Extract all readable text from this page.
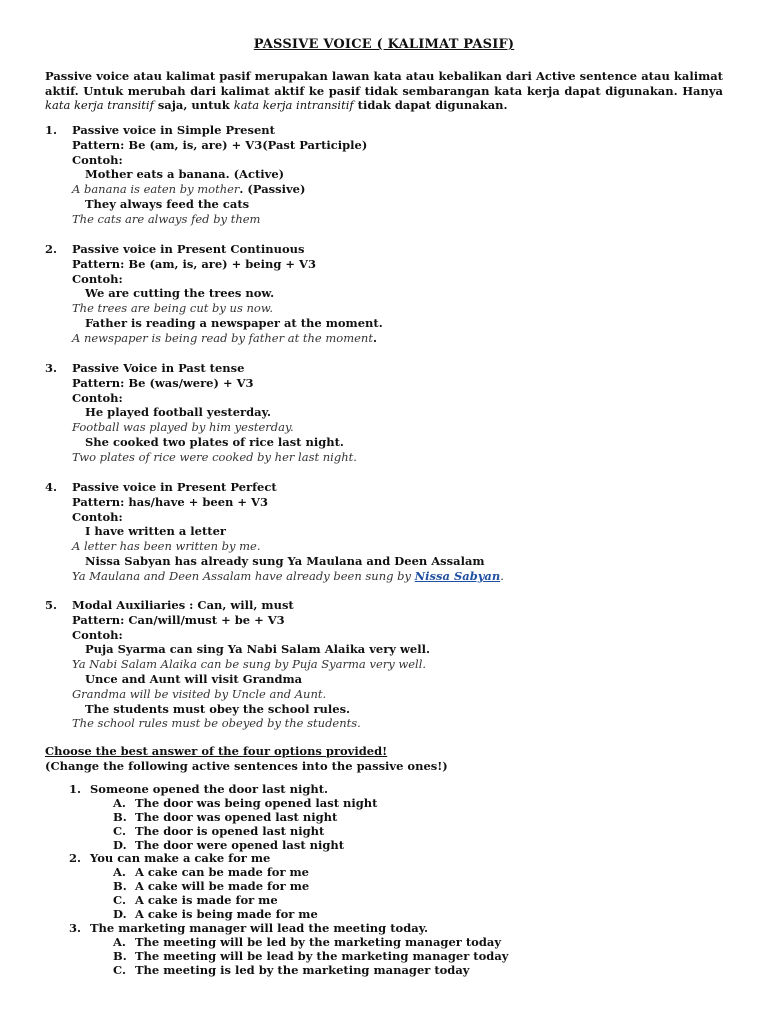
PASSIVE VOICE ( KALIMAT PASIF)
Passive voice atau kalimat pasif merupakan lawan kata atau kebalikan dari Active sentence atau kalimat aktif. Untuk merubah dari kalimat aktif ke pasif tidak sembarangan kata kerja dapat digunakan. Hanya kata kerja transitif saja, untuk kata kerja intransitif tidak dapat digunakan.
1. Passive voice in Simple Present
Pattern: Be (am, is, are) + V3(Past Participle)
Contoh:
Mother eats a banana. (Active)
A banana is eaten by mother. (Passive)
They always feed the cats
The cats are always fed by them
2. Passive voice in Present Continuous
Pattern: Be (am, is, are) + being + V3
Contoh:
We are cutting the trees now.
The trees are being cut by us now.
Father is reading a newspaper at the moment.
A newspaper is being read by father at the moment.
3. Passive Voice in Past tense
Pattern: Be (was/were) + V3
Contoh:
He played football yesterday.
Football was played by him yesterday.
She cooked two plates of rice last night.
Two plates of rice were cooked by her last night.
4. Passive voice in Present Perfect
Pattern: has/have + been + V3
Contoh:
I have written a letter
A letter has been written by me.
Nissa Sabyan has already sung Ya Maulana and Deen Assalam
Ya Maulana and Deen Assalam have already been sung by Nissa Sabyan.
5. Modal Auxiliaries : Can, will, must
Pattern: Can/will/must + be + V3
Contoh:
Puja Syarma can sing Ya Nabi Salam Alaika very well.
Ya Nabi Salam Alaika can be sung by Puja Syarma very well.
Unce and Aunt will visit Grandma
Grandma will be visited by Uncle and Aunt.
The students must obey the school rules.
The school rules must be obeyed by the students.
Choose the best answer of the four options provided!
(Change the following active sentences into the passive ones!)
1. Someone opened the door last night.
A. The door was being opened last night
B. The door was opened last night
C. The door is opened last night
D. The door were opened last night
2. You can make a cake for me
A. A cake can be made for me
B. A cake will be made for me
C. A cake is made for me
D. A cake is being made for me
3. The marketing manager will lead the meeting today.
A. The meeting will be led by the marketing manager today
B. The meeting will be lead by the marketing manager today
C. The meeting is led by the marketing manager today
